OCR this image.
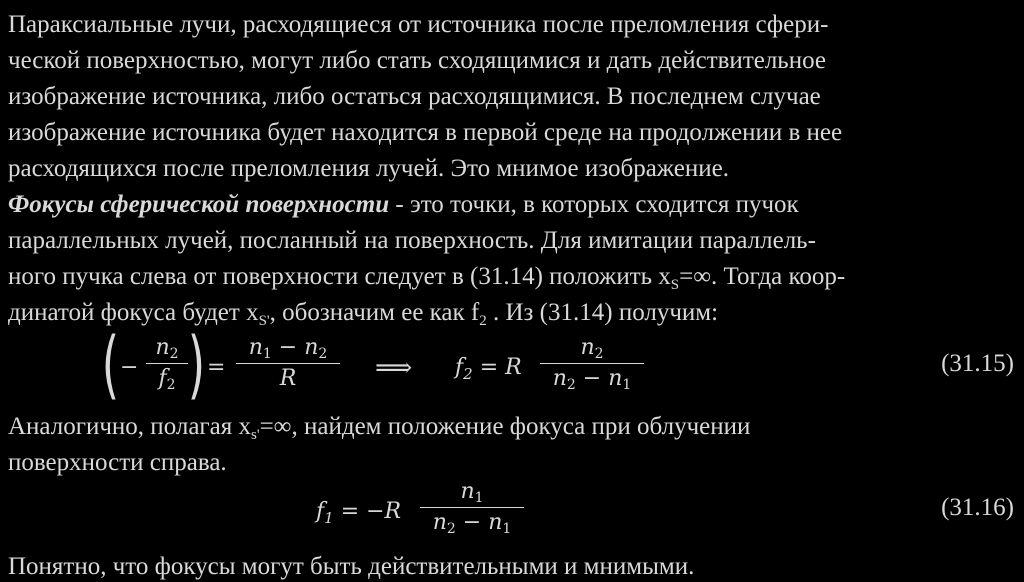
Параксиальные лучи, расходящиеся от источника после преломления сфери-
ческой поверхностью, могут либо стать сходящимися и дать действительное
изображение источника, либо остаться расходящимися. В последнем случае
изображение источника будет находится в первой среде на продолжении в нее
расходящихся после преломления лучей. Это мнимое изображение.
Фокусы сферической поверхности - это точки, в которых сходится пучок
параллельных лучей, посланный на поверхность. Для имитации параллель-
ного пучка слева от поверхности следует в (31.14) положить $x_S=\infty$. Тогда коор-
динатой фокуса будет $x_{S'}$, обозначим ее как $f_2$ . Из (31.14) получим:
( −
$n_2$
$f_2$ ) =
$n_1 - n_2$
R	⟹ $f_2 = R$
$n_2$
$n_2 - n_1$
(31.15)
Аналогично, полагая $x_{s'}=\infty$, найдем положение фокуса при облучении
поверхности справа.
$f_1 = -R$
$n_1$
$n_2 - n_1$
(31.16)
Понятно, что фокусы могут быть действительными и мнимыми.
